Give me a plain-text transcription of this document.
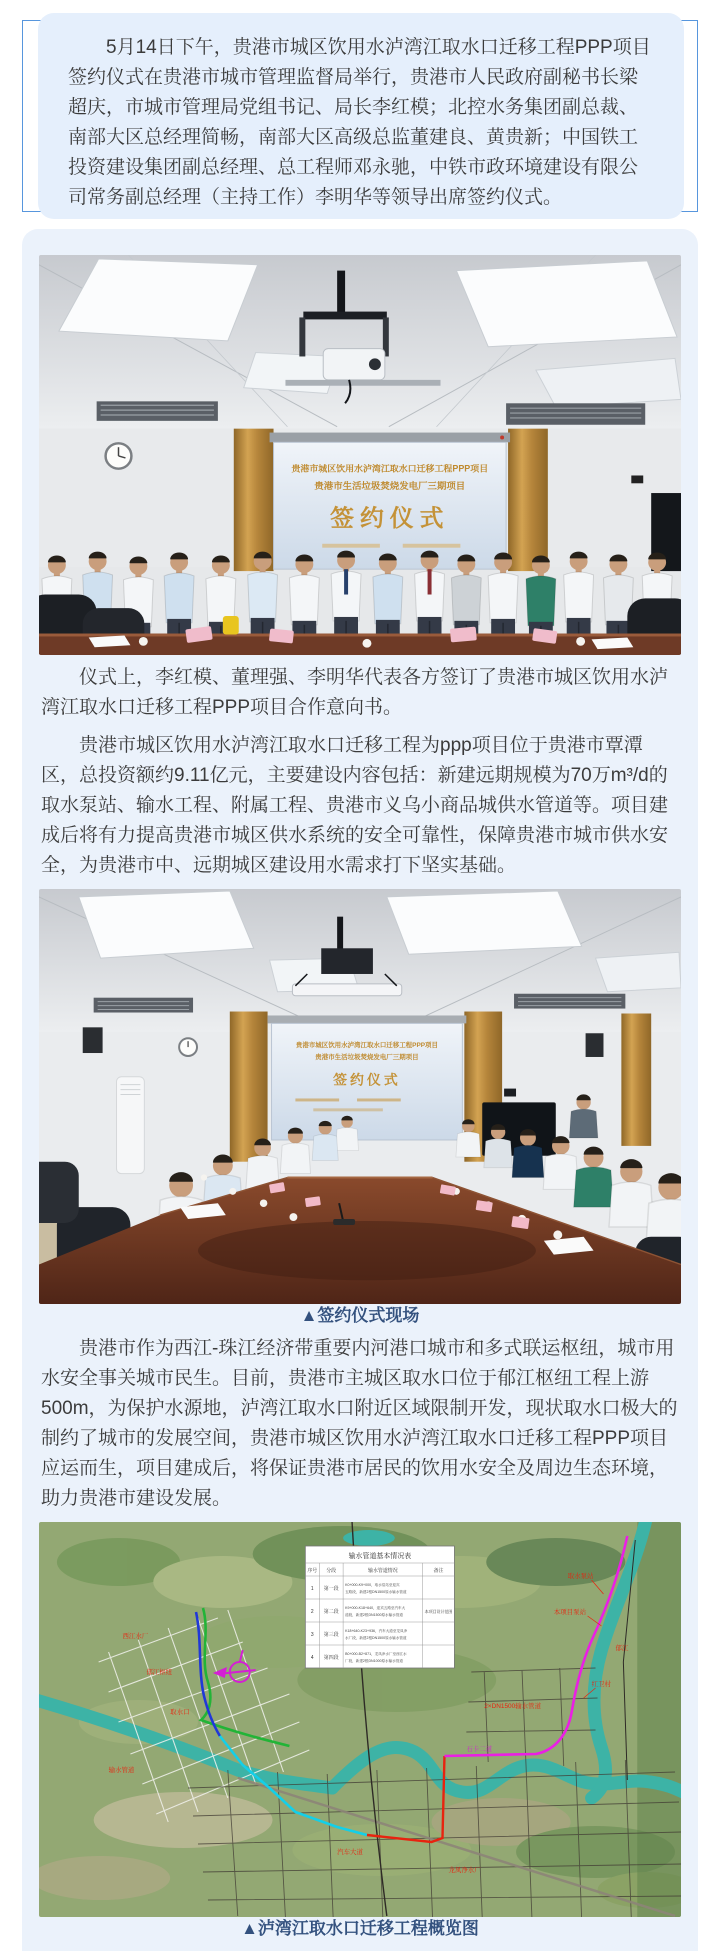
5月14日下午，贵港市城区饮用水泸湾江取水口迁移工程PPP项目签约仪式在贵港市城市管理监督局举行，贵港市人民政府副秘书长梁超庆，市城市管理局党组书记、局长李红模；北控水务集团副总裁、南部大区总经理简畅，南部大区高级总监董建良、黄贵新；中国铁工投资建设集团副总经理、总工程师邓永驰，中铁市政环境建设有限公司常务副总经理（主持工作）李明华等领导出席签约仪式。

贵港市城区饮用水泸湾江取水口迁移工程PPP项目
贵港市生活垃圾焚烧发电厂三期项目
签约仪式

仪式上，李红模、董理强、李明华代表各方签订了贵港市城区饮用水泸湾江取水口迁移工程PPP项目合作意向书。

贵港市城区饮用水泸湾江取水口迁移工程为ppp项目位于贵港市覃潭区，总投资额约9.11亿元，主要建设内容包括：新建远期规模为70万m³/d的取水泵站、输水工程、附属工程、贵港市义乌小商品城供水管道等。项目建成后将有力提高贵港市城区供水系统的安全可靠性，保障贵港市城市供水安全，为贵港市中、远期城区建设用水需求打下坚实基础。

贵港市城区饮用水泸湾江取水口迁移工程PPP项目
贵港市生活垃圾焚烧发电厂三期项目
签约仪式

▲签约仪式现场

贵港市作为西江-珠江经济带重要内河港口城市和多式联运枢纽，城市用水安全事关城市民生。目前，贵港市主城区取水口位于郁江枢纽工程上游500m，为保护水源地，泸湾江取水口附近区域限制开发，现状取水口极大的制约了城市的发展空间，贵港市城区饮用水泸湾江取水口迁移工程PPP项目应运而生，项目建成后，将保证贵港市居民的饮用水安全及周边生态环境，助力贵港市建设发展。

输水管道基本情况表
序号 分段	输水管道情况	备注
1 第一段
2 第二段
3 第三段
4 第四段
本项目设计范围
K0+000-K9+000，取水泵站至迎宾
五路段，新建2根DN1500原水输水管道
K9+000-K18+640，迎宾五路至汽车大
道段，新建2根DN1500原水输水管道
K18+640-K23+936，汽车大道至龙凤净
水厂段，新建2根DN1500原水输水管道
B0+000-B2+871，龙凤净水厂至西江水
厂段，新建2根DN1000原水输水管道
取水泵站
本项目泵站
郁江
红卫村
2×DN1500输水管道
汽车大道
龙凤净水厂
西江水厂
郁江枢纽
取水口
输水管道
石卡二道

▲泸湾江取水口迁移工程概览图
